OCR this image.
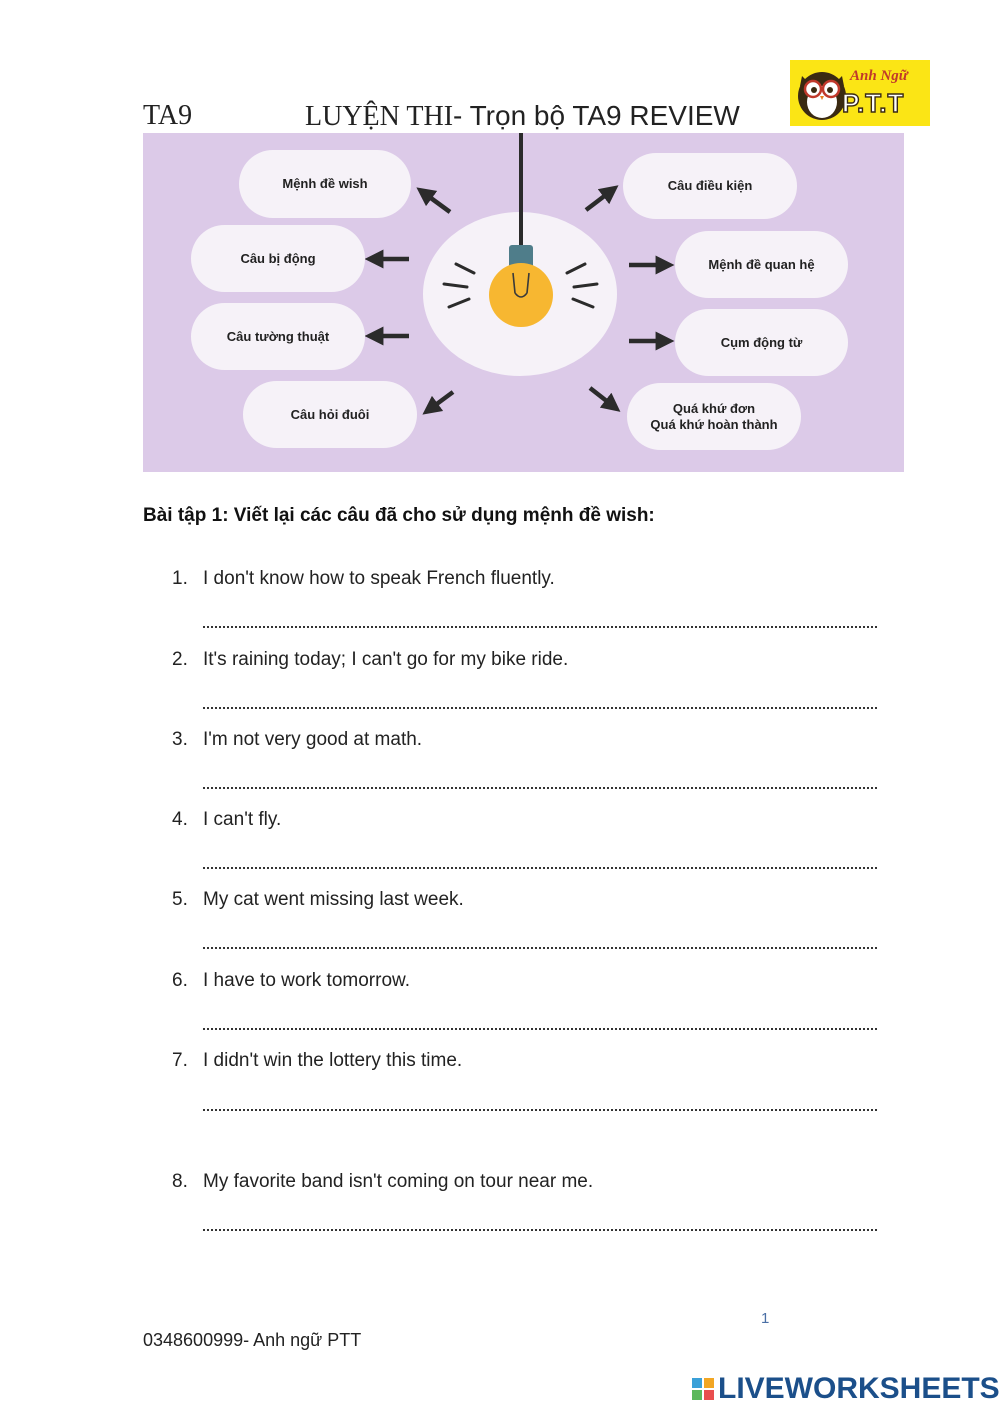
TA9	LUYỆN THI- Trọn bộ TA9 REVIEW
Anh Ngữ
P.T.T
Mệnh đề wish
Câu bị động
Câu tường thuật
Câu hỏi đuôi
Câu điều kiện
Mệnh đề quan hệ
Cụm động từ
Quá khứ đơn
Quá khứ hoàn thành
Bài tập 1: Viết lại các câu đã cho sử dụng mệnh đề wish:
1. I don't know how to speak French fluently.
2. It's raining today; I can't go for my bike ride.
3. I'm not very good at math.
4. I can't fly.
5. My cat went missing last week.
6. I have to work tomorrow.
7. I didn't win the lottery this time.
8. My favorite band isn't coming on tour near me.
1
0348600999- Anh ngữ PTT
LIVEWORKSHEETS
